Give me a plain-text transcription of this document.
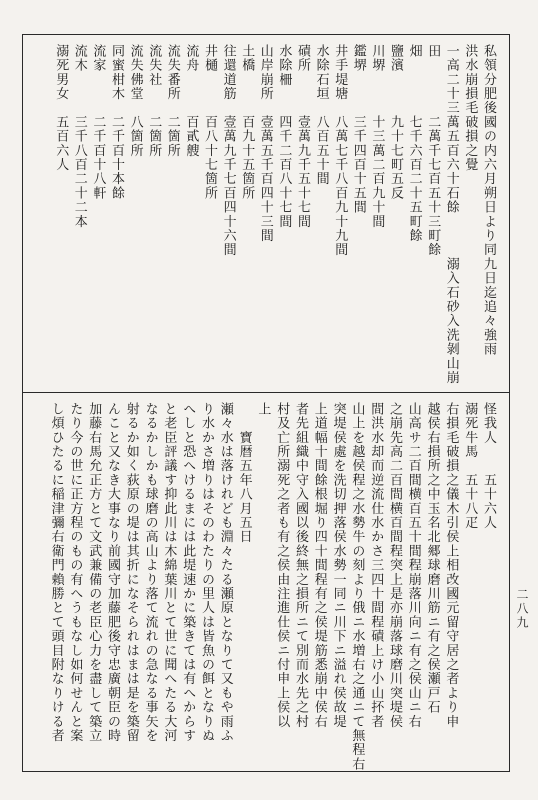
二八九
私領分肥後國の内六月朔日より同九日迄追々強雨
洪水崩損毛破損之覺
一高二十三萬五百六十石餘　　　溺入石砂入洗剝山崩
田　　　　二萬千七百五十三町餘
畑　　　　七千六百二十五町餘
鹽濱　　　九十七町五反
川堺　　　十三萬二百九十間
鑑堺　　　三千四百十五間
井手堤塘　八萬七千八百九十九間
水除石垣　八百五十間
磧所　　　壹萬九千五十七間
水除柵　　四千二百八十七間
山岸崩所　壹萬五千百四十三間
土橋　　　百九十五箇所
往還道筋　壹萬九千七百四十六間
井樋　　　百八十七箇所
流舟　　　百貳艘
流失番所　二箇所
流失社　　二箇所
流失佛堂　八箇所
同蜜柑木　二千百十本餘
流家　　　二千百十八軒
流木　　　三千八百二十二本
溺死男女　五百六人
怪我人　　五十六人
溺死牛馬　五十八疋
右損毛破損之儀木引侯上相改國元留守居之者より申
越侯右損所之中玉名北郷球磨川筋ニ有之侯瀬戸石
山高サ二百間横百五十間程崩落川向ニ有之侯山ニ右
之崩先高二百間横百間程突上是亦崩落球磨川突堤侯
間洪水却而逆流仕水かさ三四十間程磧上け小山抔者
山上を越侯程之水勢牛の刻より俄ニ水増右之通ニて無程右
突堤侯處を洗切押落侯水勢一同ニ川下ニ溢れ侯故堤
上道幅十間餘根堀り四十間程有之侯堤筋悉崩中侯右
者先組織中守入國以後終無之損所ニて別而水先之村
村及亡所溺死之者も有之侯由注進仕侯ニ付申上侯以
上
　　寶暦五年八月五日
瀬々水は落けれども淵々たる瀬原となりて又もや雨ふ
り水かさ増りはそのわたりの里人は皆魚の餌となりぬ
へしと恐へけるまには此堤速かに築きては有へからす
と老臣評議す抑此川は木綿葉川とて世に聞へたる大河
なるかしかも球磨の高山より落て流れの急なる事矢を
射るか如く荻原の堤は其折になそられはまは是を築留
んこと又なき大事なり前國守加藤肥後守忠廣朝臣の時
加藤右馬允正方とて文武兼備の老臣心力を盡して築立
たり今の世に正方程のもの有へうもなし如何せんと案
し煩ひたるに稲津彌右衛門賴勝とて頭目附なりける者
